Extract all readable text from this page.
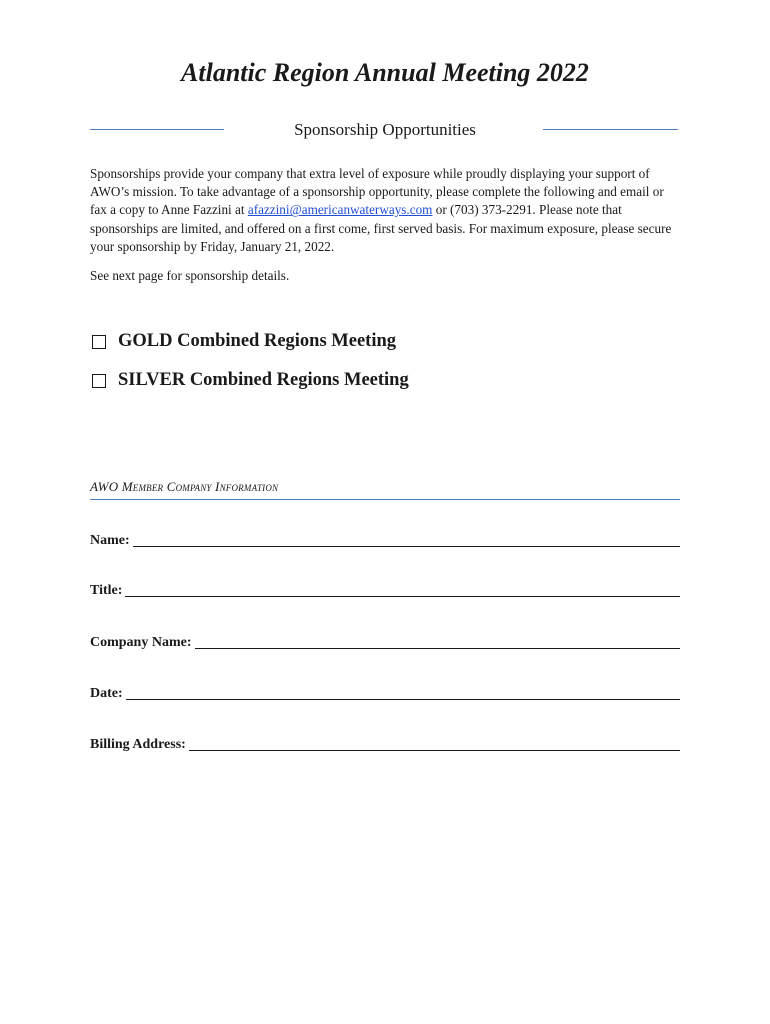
Atlantic Region Annual Meeting 2022
Sponsorship Opportunities

Sponsorships provide your company that extra level of exposure while proudly displaying your support of AWO’s mission. To take advantage of a sponsorship opportunity, please complete the following and email or fax a copy to Anne Fazzini at afazzini@americanwaterways.com or (703) 373-2291. Please note that sponsorships are limited, and offered on a first come, first served basis. For maximum exposure, please secure your sponsorship by Friday, January 21, 2022.

See next page for sponsorship details.

GOLD Combined Regions Meeting
SILVER Combined Regions Meeting
AWO Member Company Information
Name:
Title:
Company Name:
Date:
Billing Address:
